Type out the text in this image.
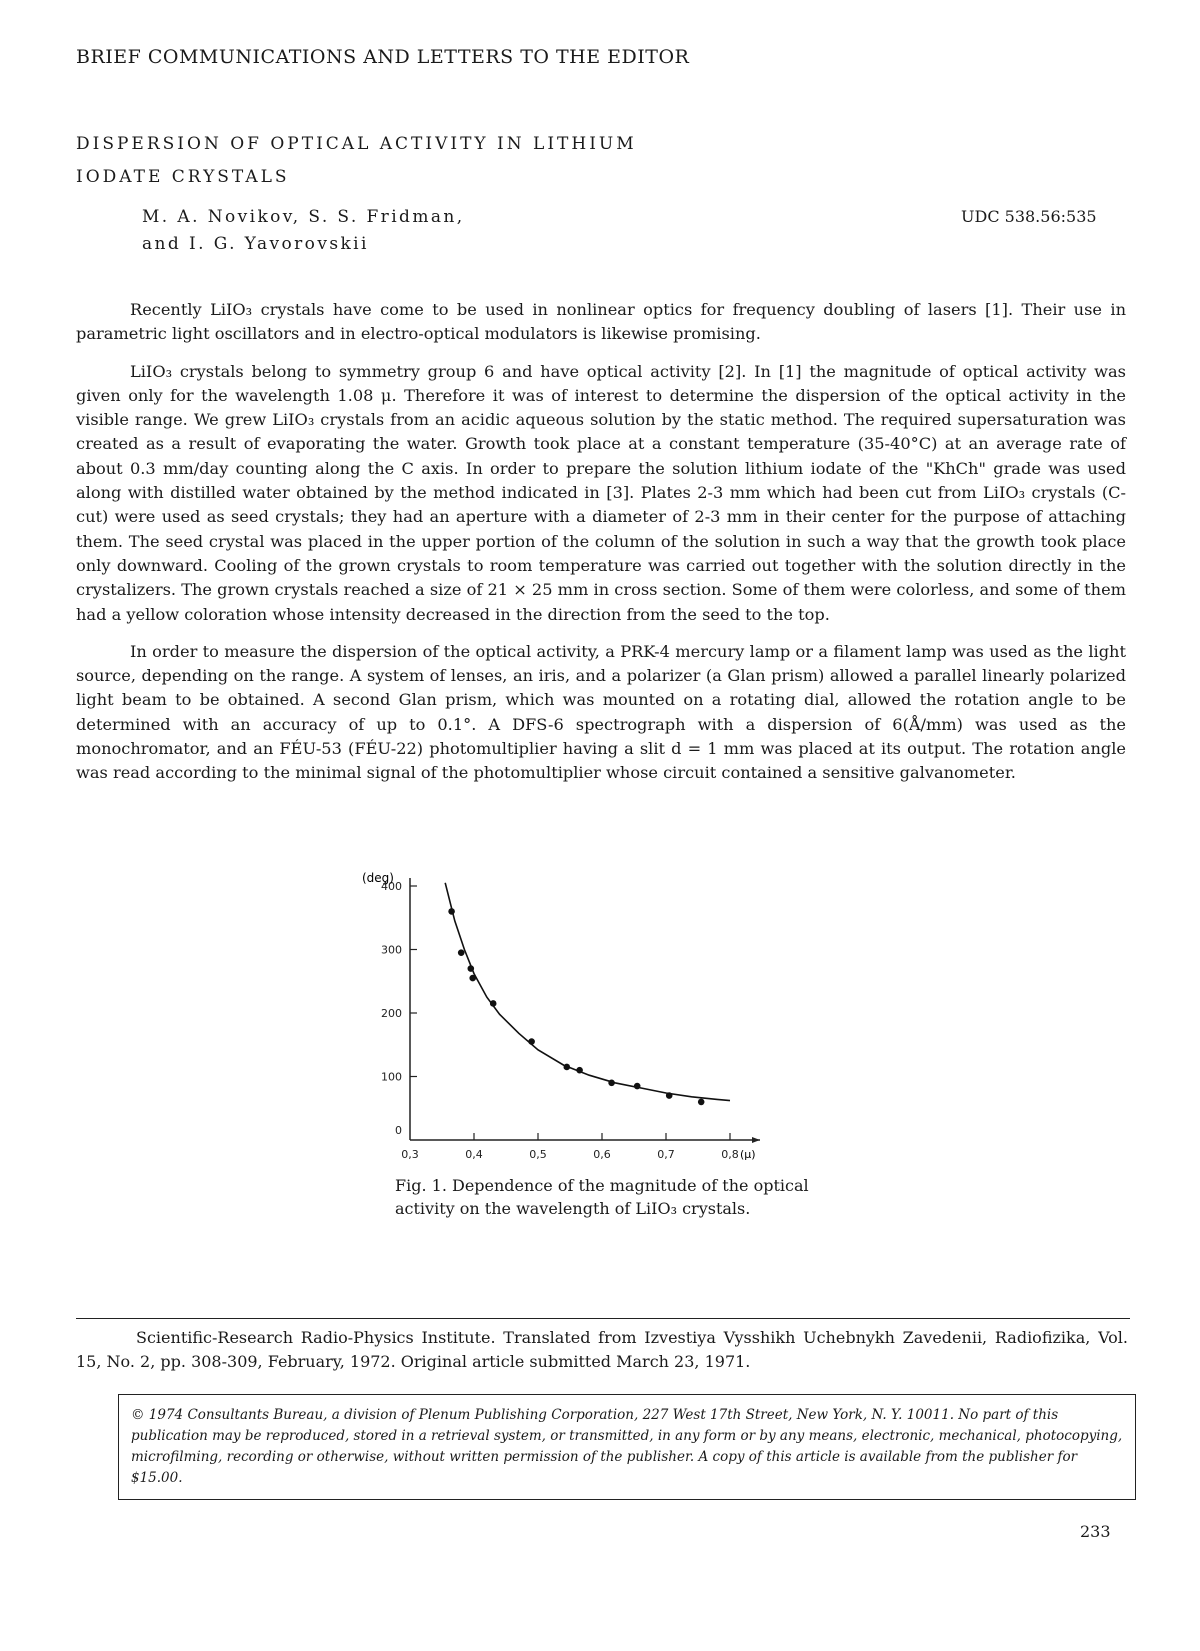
BRIEF COMMUNICATIONS AND LETTERS TO THE EDITOR
DISPERSION OF OPTICAL ACTIVITY IN LITHIUM
IODATE CRYSTALS
M. A. Novikov, S. S. Fridman,
and I. G. Yavorovskii
UDC 538.56:535

Recently LiIO₃ crystals have come to be used in nonlinear optics for frequency doubling of lasers [1]. Their use in parametric light oscillators and in electro-optical modulators is likewise promising.

LiIO₃ crystals belong to symmetry group 6 and have optical activity [2]. In [1] the magnitude of optical activity was given only for the wavelength 1.08 μ. Therefore it was of interest to determine the dispersion of the optical activity in the visible range. We grew LiIO₃ crystals from an acidic aqueous solution by the static method. The required supersaturation was created as a result of evaporating the water. Growth took place at a constant temperature (35-40°C) at an average rate of about 0.3 mm/day counting along the C axis. In order to prepare the solution lithium iodate of the "KhCh" grade was used along with distilled water obtained by the method indicated in [3]. Plates 2-3 mm which had been cut from LiIO₃ crystals (C-cut) were used as seed crystals; they had an aperture with a diameter of 2-3 mm in their center for the purpose of attaching them. The seed crystal was placed in the upper portion of the column of the solution in such a way that the growth took place only downward. Cooling of the grown crystals to room temperature was carried out together with the solution directly in the crystalizers. The grown crystals reached a size of 21 × 25 mm in cross section. Some of them were colorless, and some of them had a yellow coloration whose intensity decreased in the direction from the seed to the top.

In order to measure the dispersion of the optical activity, a PRK-4 mercury lamp or a filament lamp was used as the light source, depending on the range. A system of lenses, an iris, and a polarizer (a Glan prism) allowed a parallel linearly polarized light beam to be obtained. A second Glan prism, which was mounted on a rotating dial, allowed the rotation angle to be determined with an accuracy of up to 0.1°. A DFS-6 spectrograph with a dispersion of 6(Å/mm) was used as the monochromator, and an FÉU-53 (FÉU-22) photomultiplier having a slit d = 1 mm was placed at its output. The rotation angle was read according to the minimal signal of the photomultiplier whose circuit contained a sensitive galvanometer.

0,3	0,4	0,5	0,6	0,7	0,8
0
100
200
300
400
(deg)
(μ)
Fig. 1. Dependence of the magnitude of the optical activity on the wavelength of LiIO₃ crystals.
Scientific-Research Radio-Physics Institute. Translated from Izvestiya Vysshikh Uchebnykh Zavedenii, Radiofizika, Vol. 15, No. 2, pp. 308-309, February, 1972. Original article submitted March 23, 1971.
© 1974 Consultants Bureau, a division of Plenum Publishing Corporation, 227 West 17th Street, New York, N. Y. 10011. No part of this publication may be reproduced, stored in a retrieval system, or transmitted, in any form or by any means, electronic, mechanical, photocopying, microfilming, recording or otherwise, without written permission of the publisher. A copy of this article is available from the publisher for $15.00.
233
